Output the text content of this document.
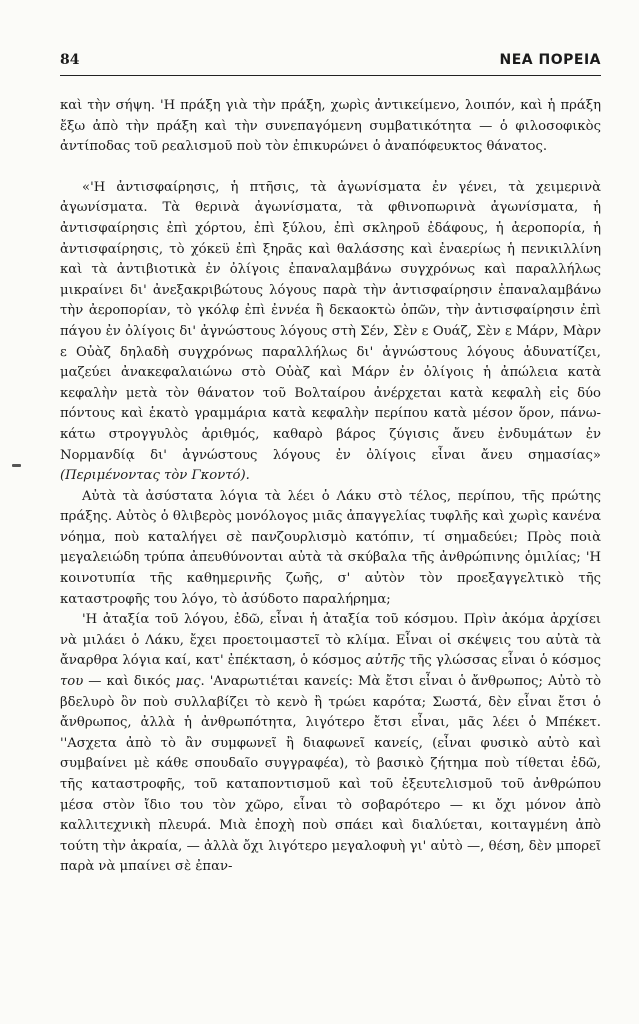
84	ΝΕΑ ΠΟΡΕΙΑ

καὶ τὴν σήψη. 'Η πράξη γιὰ τὴν πράξη, χωρὶς ἀντικείμενο, λοιπόν, καὶ ἡ πράξη ἔξω ἀπὸ τὴν πράξη καὶ τὴν συνεπαγόμενη συμβατικότητα — ὁ φιλοσοφικὸς ἀντίποδας τοῦ ρεαλισμοῦ ποὺ τὸν ἐπικυρώνει ὁ ἀναπόφευκτος θάνατος.

«'Η ἀντισφαίρησις, ἡ πτῆσις, τὰ ἀγωνίσματα ἐν γένει, τὰ χειμερινὰ ἀγωνίσματα. Τὰ θερινὰ ἀγωνίσματα, τὰ φθινοπωρινὰ ἀγωνίσματα, ἡ ἀντισφαίρησις ἐπὶ χόρτου, ἐπὶ ξύλου, ἐπὶ σκληροῦ ἐδάφους, ἡ ἀεροπορία, ἡ ἀντισφαίρησις, τὸ χόκεϋ ἐπὶ ξηρᾶς καὶ θαλάσσης καὶ ἐναερίως ἡ πενικιλλίνη καὶ τὰ ἀντιβιοτικὰ ἐν ὀλίγοις ἐπαναλαμβάνω συγχρόνως καὶ παραλλήλως μικραίνει δι' ἀνεξακριβώτους λόγους παρὰ τὴν ἀντισφαίρησιν ἐπαναλαμβάνω τὴν ἀεροπορίαν, τὸ γκόλφ ἐπὶ ἐννέα ἢ δεκαοκτὼ ὀπῶν, τὴν ἀντισφαίρησιν ἐπὶ πάγου ἐν ὀλίγοις δι' ἀγνώστους λόγους στὴ Σέν, Σὲν ε Ουάζ, Σὲν ε Μάρν, Μὰρν ε Οὐὰζ δηλαδὴ συγχρόνως παραλλήλως δι' ἀγνώστους λόγους ἀδυνατίζει, μαζεύει ἀνακεφαλαιώνω στὸ Οὐὰζ καὶ Μάρν ἐν ὀλίγοις ἡ ἀπώλεια κατὰ κεφαλὴν μετὰ τὸν θάνατον τοῦ Βολταίρου ἀνέρχεται κατὰ κεφαλὴ εἰς δύο πόντους καὶ ἑκατὸ γραμμάρια κατὰ κεφαλὴν περίπου κατὰ μέσον ὅρον, πάνω-κάτω στρογγυλὸς ἀριθμός, καθαρὸ βάρος ζύγισις ἄνευ ἐνδυμάτων ἐν Νορμανδίᾳ δι' ἀγνώστους λόγους ἐν ὀλίγοις εἶναι ἄνευ σημασίας» (Περιμένοντας τὸν Γκοντό).

Αὐτὰ τὰ ἀσύστατα λόγια τὰ λέει ὁ Λάκυ στὸ τέλος, περίπου, τῆς πρώτης πράξης. Αὐτὸς ὁ θλιβερὸς μονόλογος μιᾶς ἀπαγγελίας τυφλῆς καὶ χωρὶς κανένα νόημα, ποὺ καταλήγει σὲ πανζουρλισμὸ κατόπιν, τί σημαδεύει; Πρὸς ποιὰ μεγαλειώδη τρύπα ἀπευθύνονται αὐτὰ τὰ σκύβαλα τῆς ἀνθρώπινης ὁμιλίας; 'Η κοινοτυπία τῆς καθημερινῆς ζωῆς, σ' αὐτὸν τὸν προεξαγγελτικὸ τῆς καταστροφῆς του λόγο, τὸ ἀσύδοτο παραλήρημα;

'Η ἀταξία τοῦ λόγου, ἐδῶ, εἶναι ἡ ἀταξία τοῦ κόσμου. Πρὶν ἀκόμα ἀρχίσει νὰ μιλάει ὁ Λάκυ, ἔχει προετοιμαστεῖ τὸ κλίμα. Εἶναι οἱ σκέψεις του αὐτὰ τὰ ἄναρθρα λόγια καί, κατ' ἐπέκταση, ὁ κόσμος αὐτῆς τῆς γλώσσας εἶναι ὁ κόσμος του — καὶ δικός μας. 'Αναρωτιέται κανείς: Μὰ ἔτσι εἶναι ὁ ἄνθρωπος; Αὐτὸ τὸ βδελυρὸ ὂν ποὺ συλλαβίζει τὸ κενὸ ἢ τρώει καρότα; Σωστά, δὲν εἶναι ἔτσι ὁ ἄνθρωπος, ἀλλὰ ἡ ἀνθρωπότητα, λιγότερο ἔτσι εἶναι, μᾶς λέει ὁ Μπέκετ. ''Ασχετα ἀπὸ τὸ ἂν συμφωνεῖ ἢ διαφωνεῖ κανείς, (εἶναι φυσικὸ αὐτὸ καὶ συμβαίνει μὲ κάθε σπουδαῖο συγγραφέα), τὸ βασικὸ ζήτημα ποὺ τίθεται ἐδῶ, τῆς καταστροφῆς, τοῦ καταποντισμοῦ καὶ τοῦ ἐξευτελισμοῦ τοῦ ἀνθρώπου μέσα στὸν ἴδιο του τὸν χῶρο, εἶναι τὸ σοβαρότερο — κι ὄχι μόνον ἀπὸ καλλιτεχνικὴ πλευρά. Μιὰ ἐποχὴ ποὺ σπάει καὶ διαλύεται, κοιταγμένη ἀπὸ τούτη τὴν ἀκραία, — ἀλλὰ ὄχι λιγότερο μεγαλοφυὴ γι' αὐτὸ —, θέση, δὲν μπορεῖ παρὰ νὰ μπαίνει σὲ ἐπαν-
